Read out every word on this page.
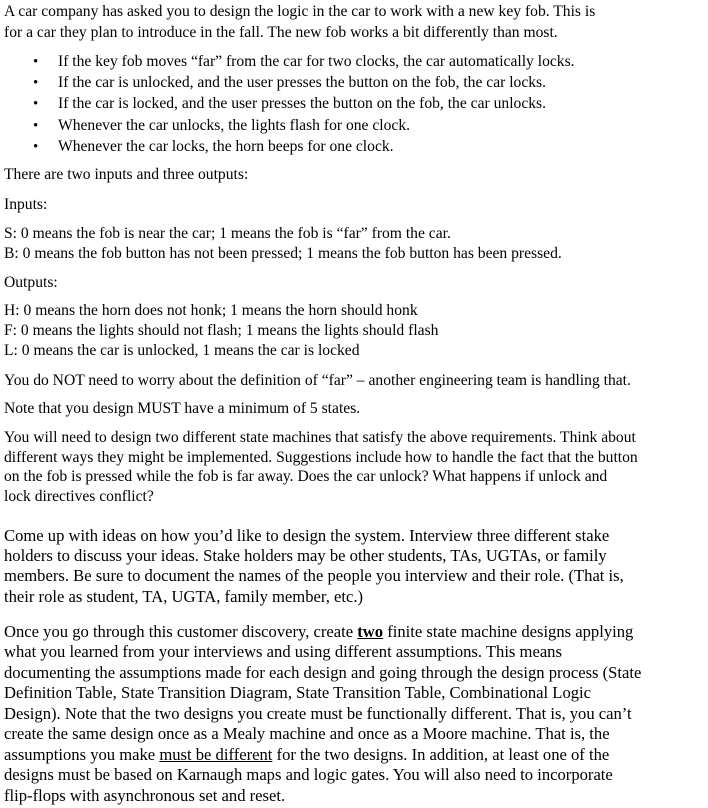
A car company has asked you to design the logic in the car to work with a new key fob. This is
for a car they plan to introduce in the fall. The new fob works a bit differently than most.
• If the key fob moves “far” from the car for two clocks, the car automatically locks.
• If the car is unlocked, and the user presses the button on the fob, the car locks.
• If the car is locked, and the user presses the button on the fob, the car unlocks.
• Whenever the car unlocks, the lights flash for one clock.
• Whenever the car locks, the horn beeps for one clock.
There are two inputs and three outputs:
Inputs:
S: 0 means the fob is near the car; 1 means the fob is “far” from the car.
B: 0 means the fob button has not been pressed; 1 means the fob button has been pressed.
Outputs:
H: 0 means the horn does not honk; 1 means the horn should honk
F: 0 means the lights should not flash; 1 means the lights should flash
L: 0 means the car is unlocked, 1 means the car is locked
You do NOT need to worry about the definition of “far” – another engineering team is handling that.
Note that you design MUST have a minimum of 5 states.
You will need to design two different state machines that satisfy the above requirements. Think about
different ways they might be implemented. Suggestions include how to handle the fact that the button
on the fob is pressed while the fob is far away. Does the car unlock? What happens if unlock and
lock directives conflict?
Come up with ideas on how you’d like to design the system. Interview three different stake
holders to discuss your ideas. Stake holders may be other students, TAs, UGTAs, or family
members. Be sure to document the names of the people you interview and their role. (That is,
their role as student, TA, UGTA, family member, etc.)
Once you go through this customer discovery, create two finite state machine designs applying
what you learned from your interviews and using different assumptions. This means
documenting the assumptions made for each design and going through the design process (State
Definition Table, State Transition Diagram, State Transition Table, Combinational Logic
Design). Note that the two designs you create must be functionally different. That is, you can’t
create the same design once as a Mealy machine and once as a Moore machine. That is, the
assumptions you make must be different for the two designs. In addition, at least one of the
designs must be based on Karnaugh maps and logic gates. You will also need to incorporate
flip-flops with asynchronous set and reset.
